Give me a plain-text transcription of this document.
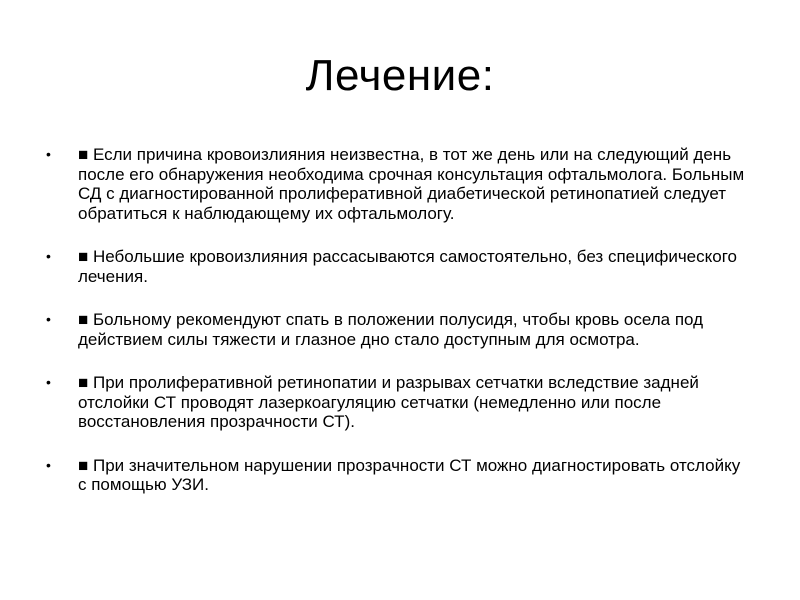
Лечение:
•	■ Если причина кровоизлияния неизвестна, в тот же день или на следующий день после его обнаружения необходима срочная консультация офтальмолога. Больным СД с диагностированной пролиферативной диабетической ретинопатией следует обратиться к наблюдающему их офтальмологу.
•	■ Небольшие кровоизлияния рассасываются самостоятельно, без специфического лечения.
•	■ Больному рекомендуют спать в положении полусидя, чтобы кровь осела под действием силы тяжести и глазное дно стало доступным для осмотра.
•	■ При пролиферативной ретинопатии и разрывах сетчатки вследствие задней отслойки СТ проводят лазеркоагуляцию сетчатки (немедленно или после восстановления прозрачности СТ).
•	■ При значительном нарушении прозрачности СТ можно диагностировать отслойку с помощью УЗИ.
